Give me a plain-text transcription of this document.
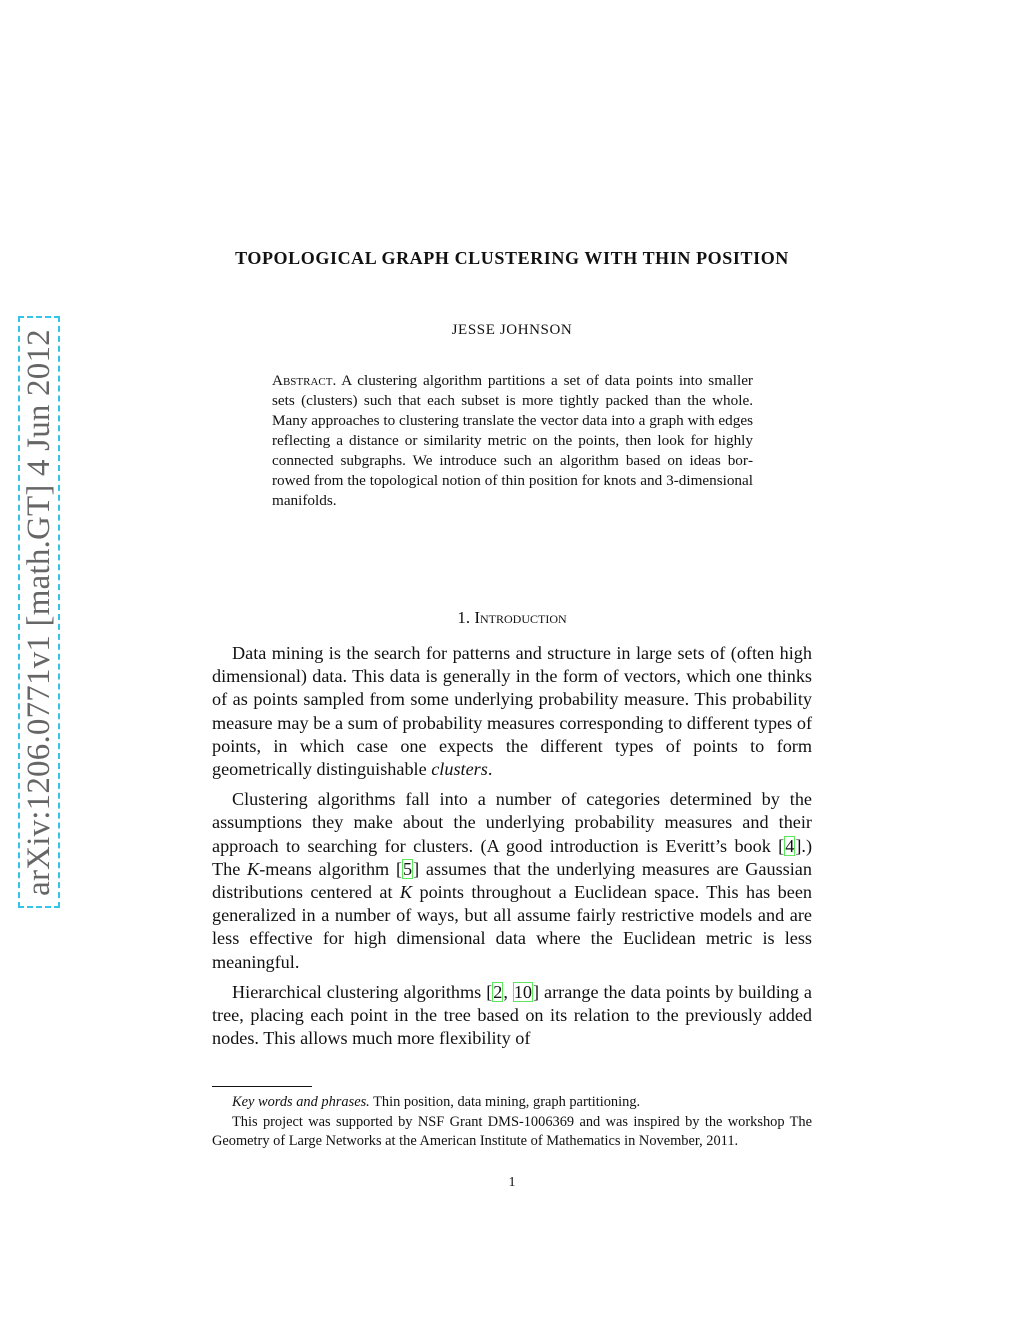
arXiv:1206.0771v1 [math.GT] 4 Jun 2012
TOPOLOGICAL GRAPH CLUSTERING WITH THIN POSITION
JESSE JOHNSON
Abstract. A clustering algorithm partitions a set of data points into smaller sets (clusters) such that each subset is more tightly packed than the whole. Many approaches to clustering translate the vector data into a graph with edges reflecting a distance or similarity metric on the points, then look for highly connected subgraphs. We introduce such an algorithm based on ideas borrowed from the topological notion of thin position for knots and 3-dimensional manifolds.
1. Introduction

Data mining is the search for patterns and structure in large sets of (often high dimensional) data. This data is generally in the form of vectors, which one thinks of as points sampled from some underlying probability measure. This probability measure may be a sum of probability measures corresponding to different types of points, in which case one expects the different types of points to form geometrically distinguishable clusters.

Clustering algorithms fall into a number of categories determined by the assumptions they make about the underlying probability measures and their approach to searching for clusters. (A good introduction is Everitt’s book [4].) The K-means algorithm [5] assumes that the underlying measures are Gaussian distributions centered at K points throughout a Euclidean space. This has been generalized in a number of ways, but all assume fairly restrictive models and are less effective for high dimensional data where the Euclidean metric is less meaningful.

Hierarchical clustering algorithms [2, 10] arrange the data points by building a tree, placing each point in the tree based on its relation to the previously added nodes. This allows much more flexibility of

Key words and phrases. Thin position, data mining, graph partitioning.

This project was supported by NSF Grant DMS-1006369 and was inspired by the workshop The Geometry of Large Networks at the American Institute of Mathematics in November, 2011.

1
